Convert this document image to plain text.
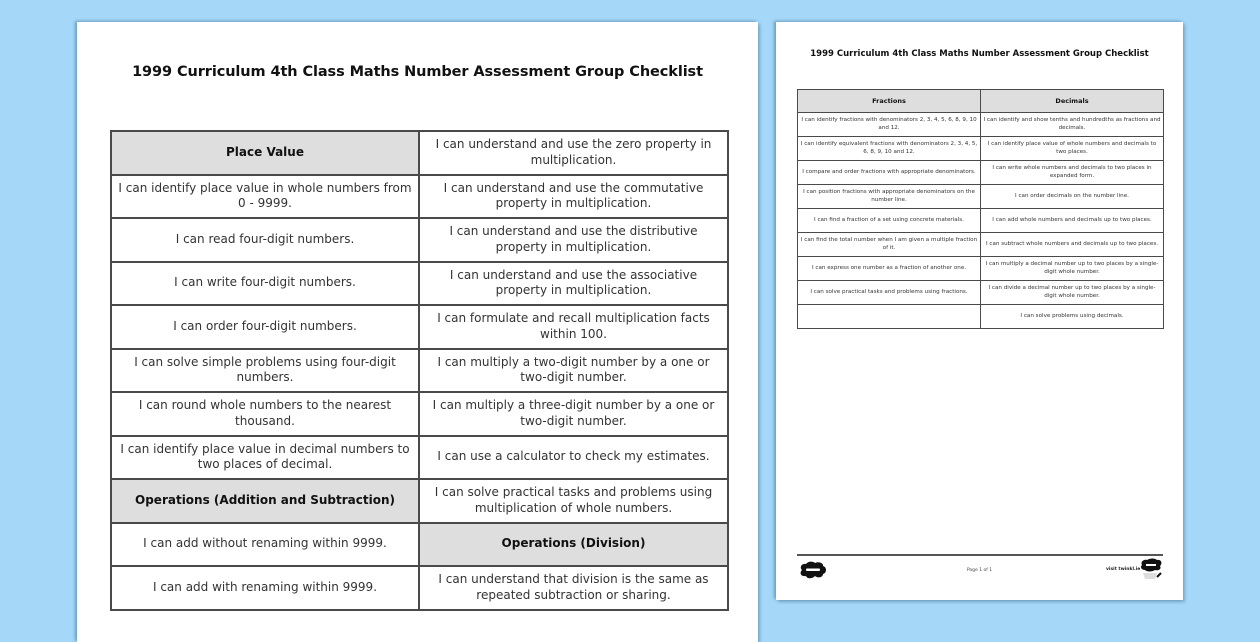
1999 Curriculum 4th Class Maths Number Assessment Group Checklist
Place Value	I can understand and use the zero property in multiplication.
I can identify place value in whole numbers from 0 - 9999.	I can understand and use the commutative property in multiplication.
I can read four-digit numbers.	I can understand and use the distributive property in multiplication.
I can write four-digit numbers.	I can understand and use the associative property in multiplication.
I can order four-digit numbers.	I can formulate and recall multiplication facts within 100.
I can solve simple problems using four-digit numbers.	I can multiply a two-digit number by a one or two-digit number.
I can round whole numbers to the nearest thousand.	I can multiply a three-digit number by a one or two-digit number.
I can identify place value in decimal numbers to two places of decimal.	I can use a calculator to check my estimates.
Operations (Addition and Subtraction)	I can solve practical tasks and problems using multiplication of whole numbers.
I can add without renaming within 9999.	Operations (Division)
I can add with renaming within 9999.	I can understand that division is the same as repeated subtraction or sharing.
1999 Curriculum 4th Class Maths Number Assessment Group Checklist
Fractions	Decimals
I can identify fractions with denominators 2, 3, 4, 5, 6, 8, 9, 10 and 12.	I can identify and show tenths and hundredths as fractions and decimals.
I can identify equivalent fractions with denominators 2, 3, 4, 5, 6, 8, 9, 10 and 12.	I can identify place value of whole numbers and decimals to two places.
I compare and order fractions with appropriate denominators.	I can write whole numbers and decimals to two places in expanded form.
I can position fractions with appropriate denominators on the number line.	I can order decimals on the number line.
I can find a fraction of a set using concrete materials.	I can add whole numbers and decimals up to two places.
I can find the total number when I am given a multiple fraction of it.	I can subtract whole numbers and decimals up to two places.
I can express one number as a fraction of another one.	I can multiply a decimal number up to two places by a single-digit whole number.
I can solve practical tasks and problems using fractions.	I can divide a decimal number up to two places by a single-digit whole number.
	I can solve problems using decimals.
Page 1 of 1	visit twinkl.ie
